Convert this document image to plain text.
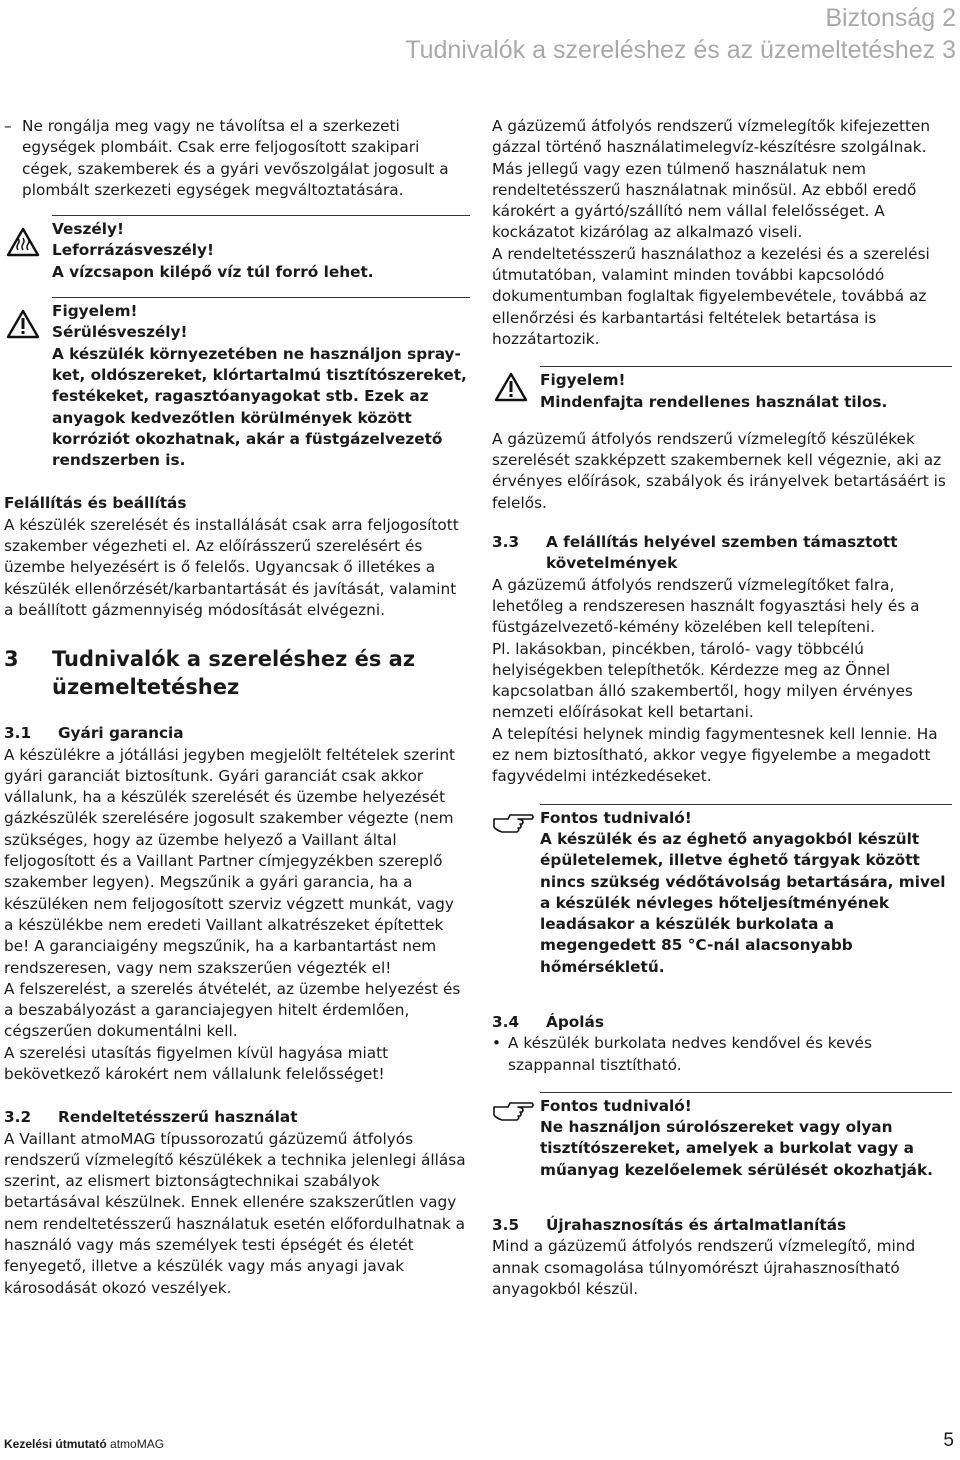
Biztonság 2
Tudnivalók a szereléshez és az üzemeltetéshez 3

– Ne rongálja meg vagy ne távolítsa el a szerkezeti egységek plombáit. Csak erre feljogosított szakipari cégek, szakemberek és a gyári vevőszolgálat jogosult a plombált szerkezeti egységek megváltoztatására.

Veszély!

Leforrázásveszély!

A vízcsapon kilépő víz túl forró lehet.

Figyelem!

Sérülésveszély!

A készülék környezetében ne használjon spray-ket, oldószereket, klórtartalmú tisztítószereket, festékeket, ragasztóanyagokat stb. Ezek az anyagok kedvezőtlen körülmények között korróziót okozhatnak, akár a füstgázelvezető rendszerben is.

Felállítás és beállítás

A készülék szerelését és installálását csak arra feljogosított szakember végezheti el. Az előírásszerű szerelésért és üzembe helyezésért is ő felelős. Ugyancsak ő illetékes a készülék ellenőrzését/karbantartását és javítását, valamint a beállított gázmennyiség módosítását elvégezni.

3	Tudnivalók a szereléshez és az üzemeltetéshez
3.1	Gyári garancia

A készülékre a jótállási jegyben megjelölt feltételek szerint gyári garanciát biztosítunk. Gyári garanciát csak akkor vállalunk, ha a készülék szerelését és üzembe helyezését gázkészülék szerelésére jogosult szakember végezte (nem szükséges, hogy az üzembe helyező a Vaillant által feljogosított és a Vaillant Partner címjegyzékben szereplő szakember legyen). Megszűnik a gyári garancia, ha a készüléken nem feljogosított szerviz végzett munkát, vagy a készülékbe nem eredeti Vaillant alkatrészeket építettek be! A garanciaigény megszűnik, ha a karbantartást nem rendszeresen, vagy nem szakszerűen végezték el!

A felszerelést, a szerelés átvételét, az üzembe helyezést és a beszabályozást a garanciajegyen hitelt érdemlően, cégszerűen dokumentálni kell.

A szerelési utasítás figyelmen kívül hagyása miatt bekövetkező károkért nem vállalunk felelősséget!

3.2	Rendeltetésszerű használat

A Vaillant atmoMAG típussorozatú gázüzemű átfolyós rendszerű vízmelegítő készülékek a technika jelenlegi állása szerint, az elismert biztonságtechnikai szabályok betartásával készülnek. Ennek ellenére szakszerűtlen vagy nem rendeltetésszerű használatuk esetén előfordulhatnak a használó vagy más személyek testi épségét és életét fenyegető, illetve a készülék vagy más anyagi javak károsodását okozó veszélyek.

A gázüzemű átfolyós rendszerű vízmelegítők kifejezetten gázzal történő használatimelegvíz-készítésre szolgálnak. Más jellegű vagy ezen túlmenő használatuk nem rendeltetésszerű használatnak minősül. Az ebből eredő károkért a gyártó/szállító nem vállal felelősséget. A kockázatot kizárólag az alkalmazó viseli.

A rendeltetésszerű használathoz a kezelési és a szerelési útmutatóban, valamint minden további kapcsolódó dokumentumban foglaltak figyelembevétele, továbbá az ellenőrzési és karbantartási feltételek betartása is hozzátartozik.

Figyelem!

Mindenfajta rendellenes használat tilos.

A gázüzemű átfolyós rendszerű vízmelegítő készülékek szerelését szakképzett szakembernek kell végeznie, aki az érvényes előírások, szabályok és irányelvek betartásáért is felelős.

3.3	A felállítás helyével szemben támasztott követelmények

A gázüzemű átfolyós rendszerű vízmelegítőket falra, lehetőleg a rendszeresen használt fogyasztási hely és a füstgázelvezető-kémény közelében kell telepíteni.

Pl. lakásokban, pincékben, tároló- vagy többcélú helyiségekben telepíthetők. Kérdezze meg az Önnel kapcsolatban álló szakembertől, hogy milyen érvényes nemzeti előírásokat kell betartani.

A telepítési helynek mindig fagymentesnek kell lennie. Ha ez nem biztosítható, akkor vegye figyelembe a megadott fagyvédelmi intézkedéseket.

Fontos tudnivaló!

A készülék és az éghető anyagokból készült épületelemek, illetve éghető tárgyak között nincs szükség védőtávolság betartására, mivel a készülék névleges hőteljesítményének leadásakor a készülék burkolata a megengedett 85 °C-nál alacsonyabb hőmérsékletű.

3.4	Ápolás

• A készülék burkolata nedves kendővel és kevés szappannal tisztítható.

Fontos tudnivaló!

Ne használjon súrolószereket vagy olyan tisztítószereket, amelyek a burkolat vagy a műanyag kezelőelemek sérülését okozhatják.

3.5	Újrahasznosítás és ártalmatlanítás

Mind a gázüzemű átfolyós rendszerű vízmelegítő, mind annak csomagolása túlnyomórészt újrahasznosítható anyagokból készül.

Kezelési útmutató atmoMAG	5
